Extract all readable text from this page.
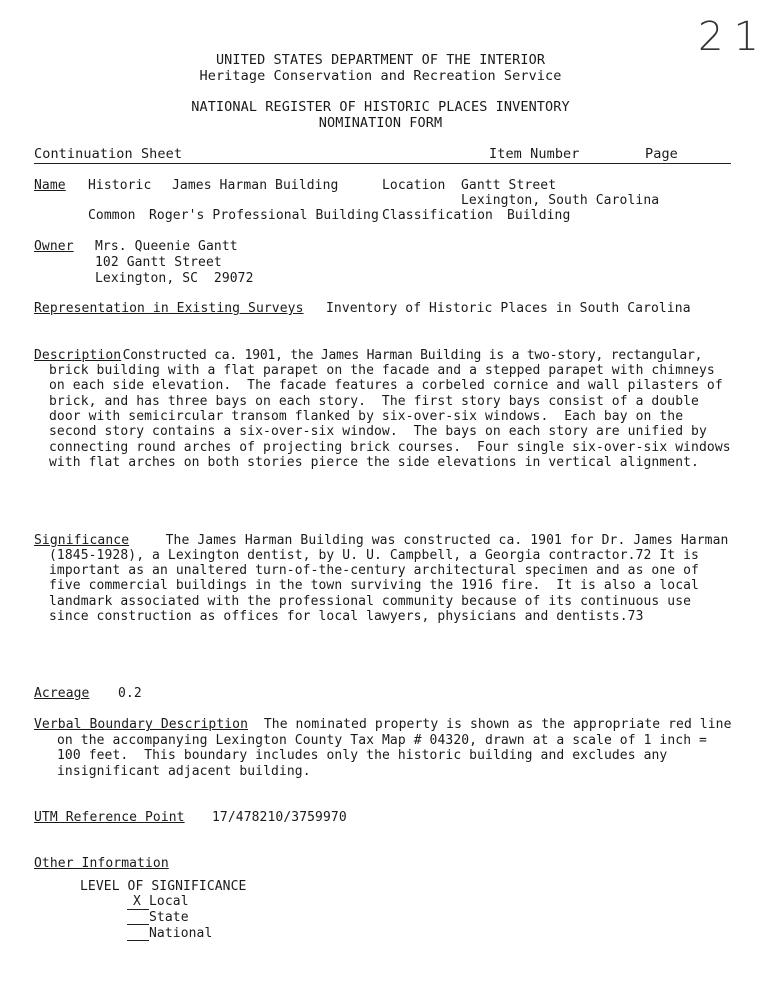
21
UNITED STATES DEPARTMENT OF THE INTERIOR
Heritage Conservation and Recreation Service
NATIONAL REGISTER OF HISTORIC PLACES INVENTORY
NOMINATION FORM
Continuation Sheet	Item Number	Page
Name Historic James Harman Building	Location Gantt Street
Lexington, South Carolina
Common Roger's Professional Building Classification Building
Owner Mrs. Queenie Gantt
102 Gantt Street
Lexington, SC  29072
Representation in Existing Surveys Inventory of Historic Places in South Carolina
Description
Constructed ca. 1901, the James Harman Building is a two-story, rectangular,
brick building with a flat parapet on the facade and a stepped parapet with chimneys
on each side elevation.  The facade features a corbeled cornice and wall pilasters of
brick, and has three bays on each story.  The first story bays consist of a double
door with semicircular transom flanked by six-over-six windows.  Each bay on the
second story contains a six-over-six window.  The bays on each story are unified by
connecting round arches of projecting brick courses.  Four single six-over-six windows
with flat arches on both stories pierce the side elevations in vertical alignment.
Significance
The James Harman Building was constructed ca. 1901 for Dr. James Harman
(1845-1928), a Lexington dentist, by U. U. Campbell, a Georgia contractor.72 It is
important as an unaltered turn-of-the-century architectural specimen and as one of
five commercial buildings in the town surviving the 1916 fire.  It is also a local
landmark associated with the professional community because of its continuous use
since construction as offices for local lawyers, physicians and dentists.73
Acreage 0.2
Verbal Boundary Description The nominated property is shown as the appropriate red line
on the accompanying Lexington County Tax Map # 04320, drawn at a scale of 1 inch =
100 feet.  This boundary includes only the historic building and excludes any
insignificant adjacent building.
UTM Reference Point 17/478210/3759970
Other Information
LEVEL OF SIGNIFICANCE
X Local
State
National
